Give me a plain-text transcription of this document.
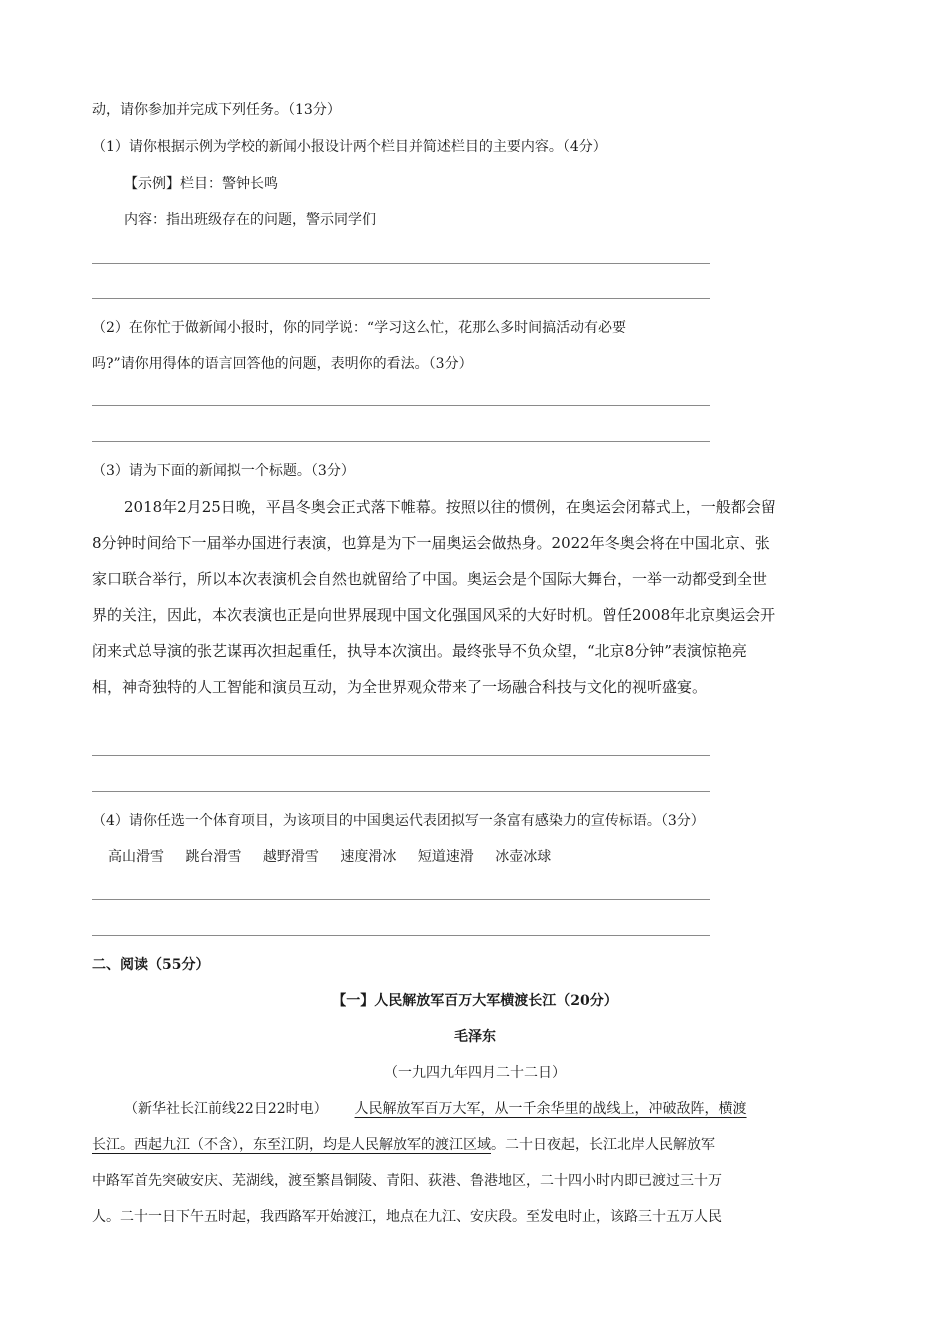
动，请你参加并完成下列任务。（13分）
（1）请你根据示例为学校的新闻小报设计两个栏目并简述栏目的主要内容。（4分）
【示例】栏目：警钟长鸣
内容：指出班级存在的问题，警示同学们
（2）在你忙于做新闻小报时，你的同学说：“学习这么忙，花那么多时间搞活动有必要
吗?”请你用得体的语言回答他的问题，表明你的看法。（3分）
（3）请为下面的新闻拟一个标题。（3分）
2018年2月25日晚，平昌冬奥会正式落下帷幕。按照以往的惯例，在奥运会闭幕式上，一般都会留
8分钟时间给下一届举办国进行表演，也算是为下一届奥运会做热身。2022年冬奥会将在中国北京、张
家口联合举行，所以本次表演机会自然也就留给了中国。奥运会是个国际大舞台，一举一动都受到全世
界的关注，因此，本次表演也正是向世界展现中国文化强国风采的大好时机。曾任2008年北京奥运会开
闭来式总导演的张艺谋再次担起重任，执导本次演出。最终张导不负众望，“北京8分钟”表演惊艳亮
相，神奇独特的人工智能和演员互动，为全世界观众带来了一场融合科技与文化的视听盛宴。
（4）请你任选一个体育项目，为该项目的中国奥运代表团拟写一条富有感染力的宣传标语。（3分）
高山滑雪 跳台滑雪 越野滑雪 速度滑冰 短道速滑 冰壶冰球
二、阅读（55分）
【一】人民解放军百万大军横渡长江（20分）
毛泽东
（一九四九年四月二十二日）
（新华社长江前线22日22时电） 人民解放军百万大军，从一千余华里的战线上，冲破敌阵，横渡
长江。西起九江（不含），东至江阴，均是人民解放军的渡江区域。二十日夜起，长江北岸人民解放军
中路军首先突破安庆、芜湖线，渡至繁昌铜陵、青阳、荻港、鲁港地区，二十四小时内即已渡过三十万
人。二十一日下午五时起，我西路军开始渡江，地点在九江、安庆段。至发电时止，该路三十五万人民
